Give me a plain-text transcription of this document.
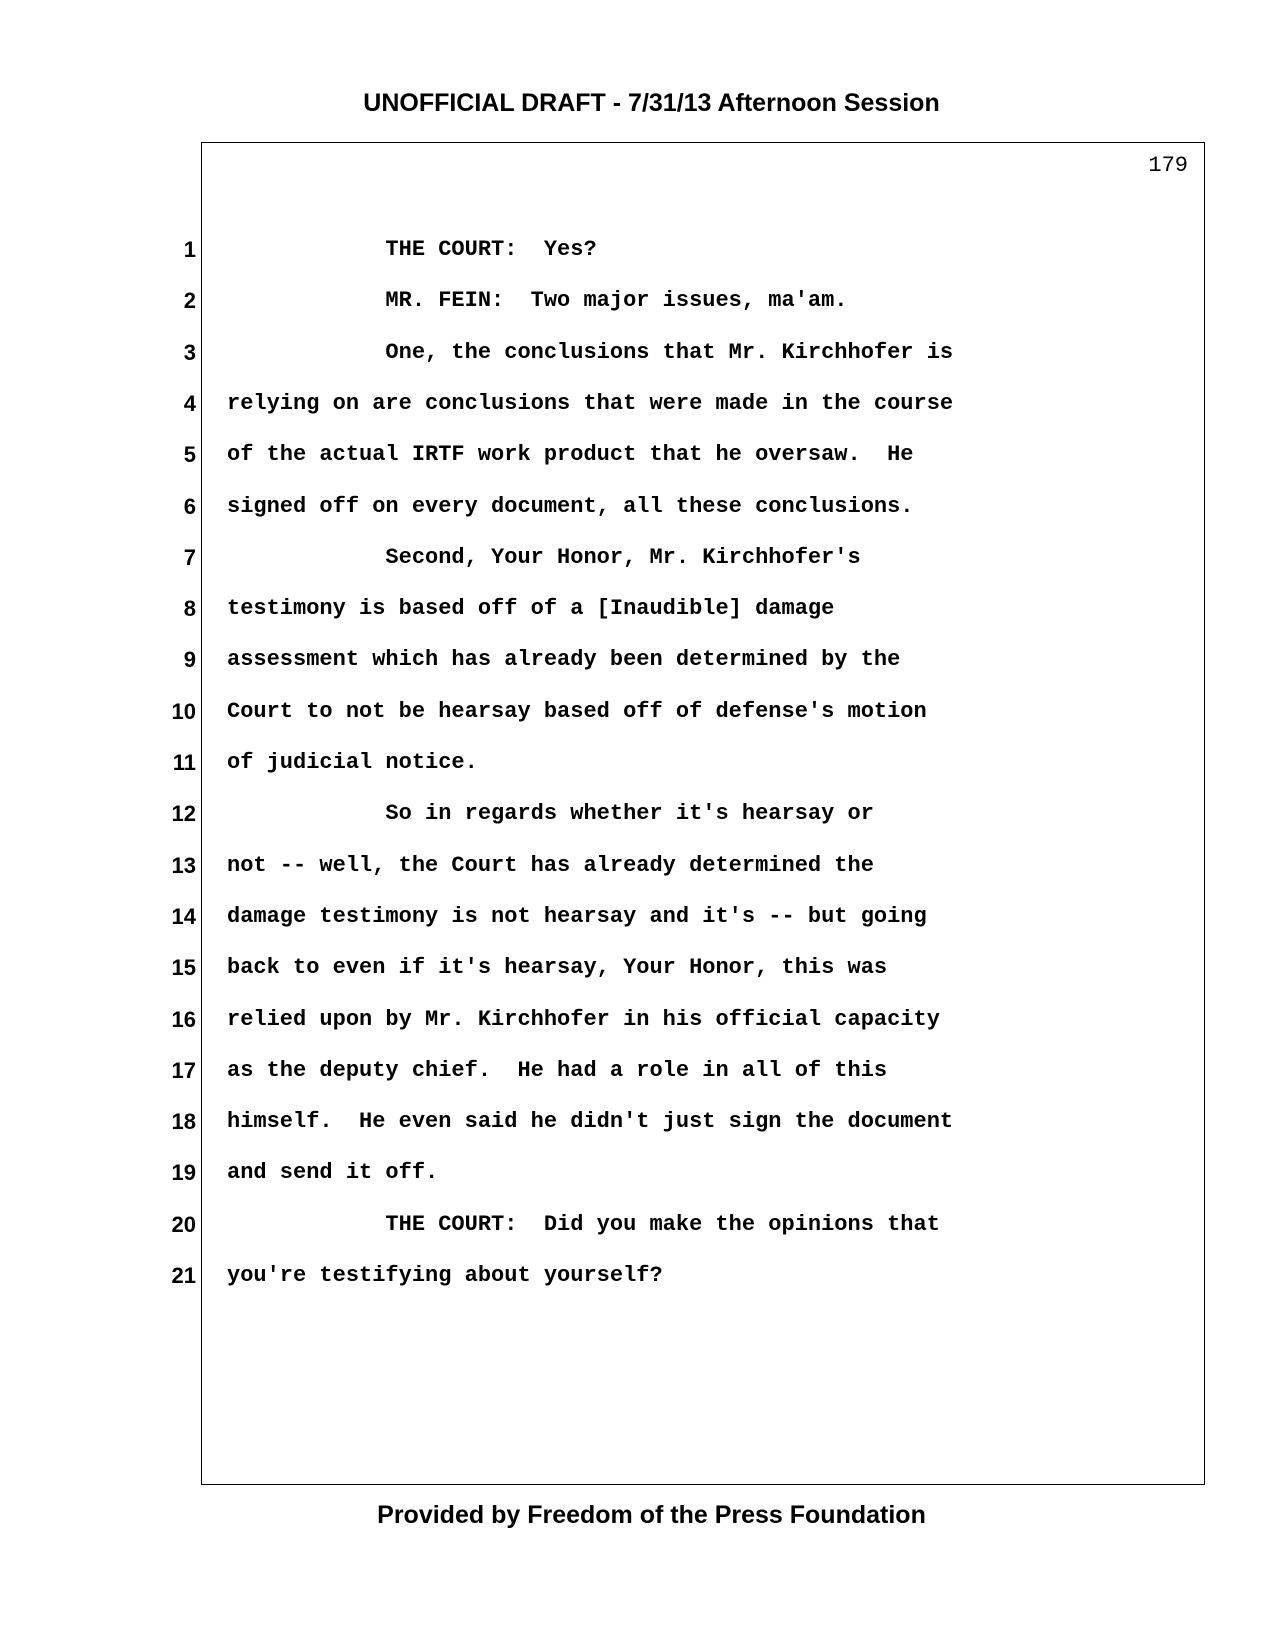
UNOFFICIAL DRAFT - 7/31/13 Afternoon Session
179
1 THE COURT:  Yes?
2 MR. FEIN:  Two major issues, ma'am.
3 One, the conclusions that Mr. Kirchhofer is
4 relying on are conclusions that were made in the course
5 of the actual IRTF work product that he oversaw.  He
6 signed off on every document, all these conclusions.
7 Second, Your Honor, Mr. Kirchhofer's
8 testimony is based off of a [Inaudible] damage
9 assessment which has already been determined by the
10 Court to not be hearsay based off of defense's motion
11 of judicial notice.
12 So in regards whether it's hearsay or
13 not -- well, the Court has already determined the
14 damage testimony is not hearsay and it's -- but going
15 back to even if it's hearsay, Your Honor, this was
16 relied upon by Mr. Kirchhofer in his official capacity
17 as the deputy chief.  He had a role in all of this
18 himself.  He even said he didn't just sign the document
19 and send it off.
20 THE COURT:  Did you make the opinions that
21 you're testifying about yourself?
Provided by Freedom of the Press Foundation
